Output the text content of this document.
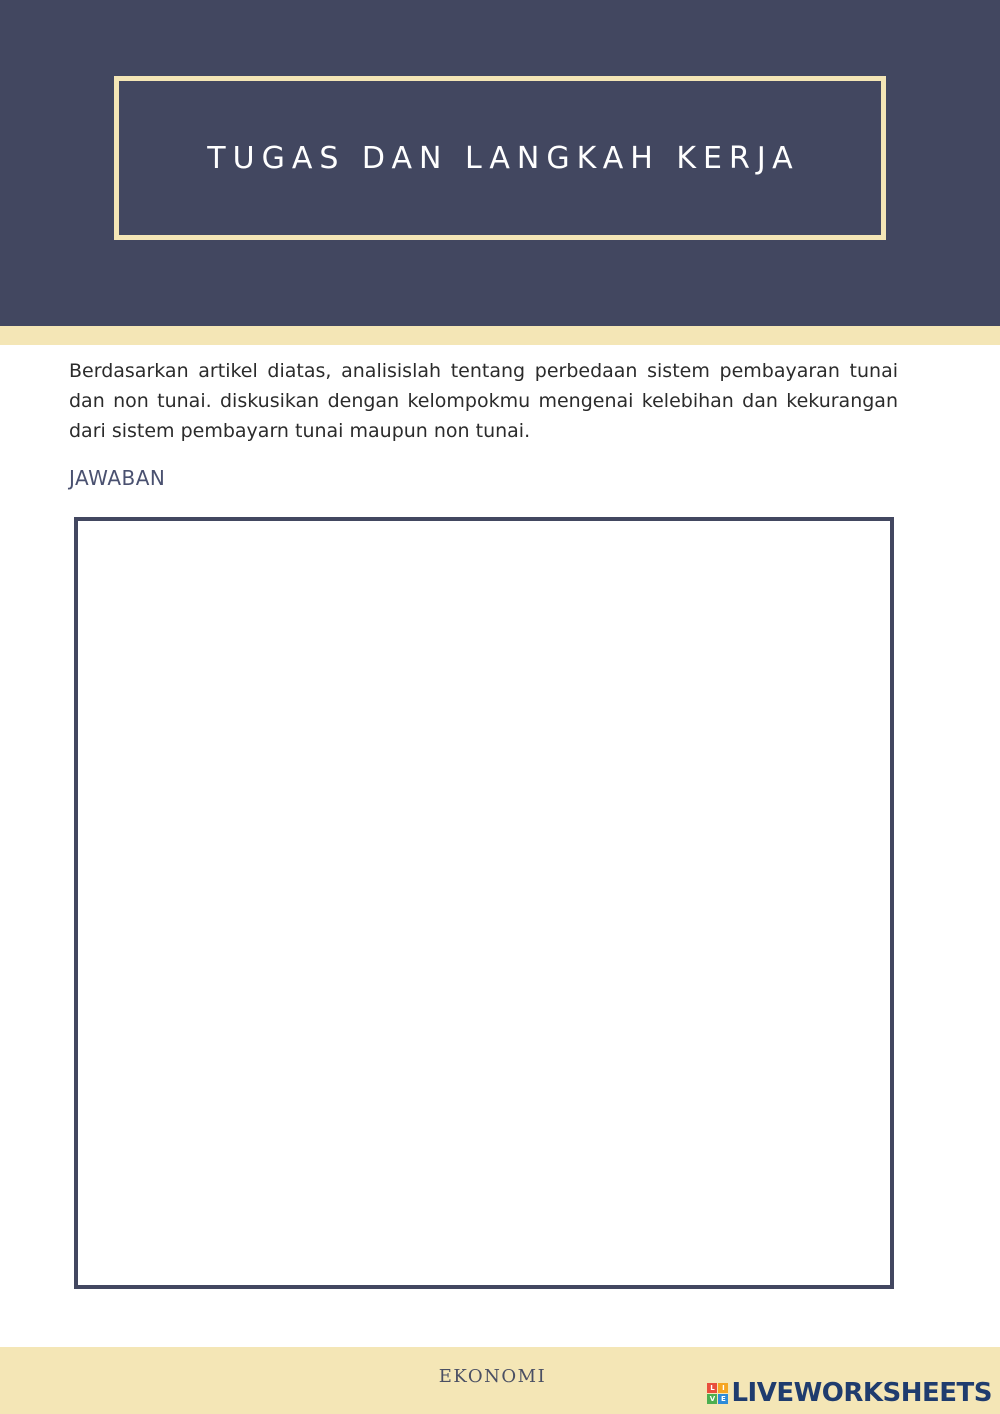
TUGAS DAN LANGKAH KERJA

Berdasarkan artikel diatas, analisislah tentang perbedaan sistem pembayaran tunai dan non tunai. diskusikan dengan kelompokmu mengenai kelebihan dan kekurangan dari sistem pembayarn tunai maupun non tunai.

JAWABAN
EKONOMI
L	I
V E LIVEWORKSHEETS
